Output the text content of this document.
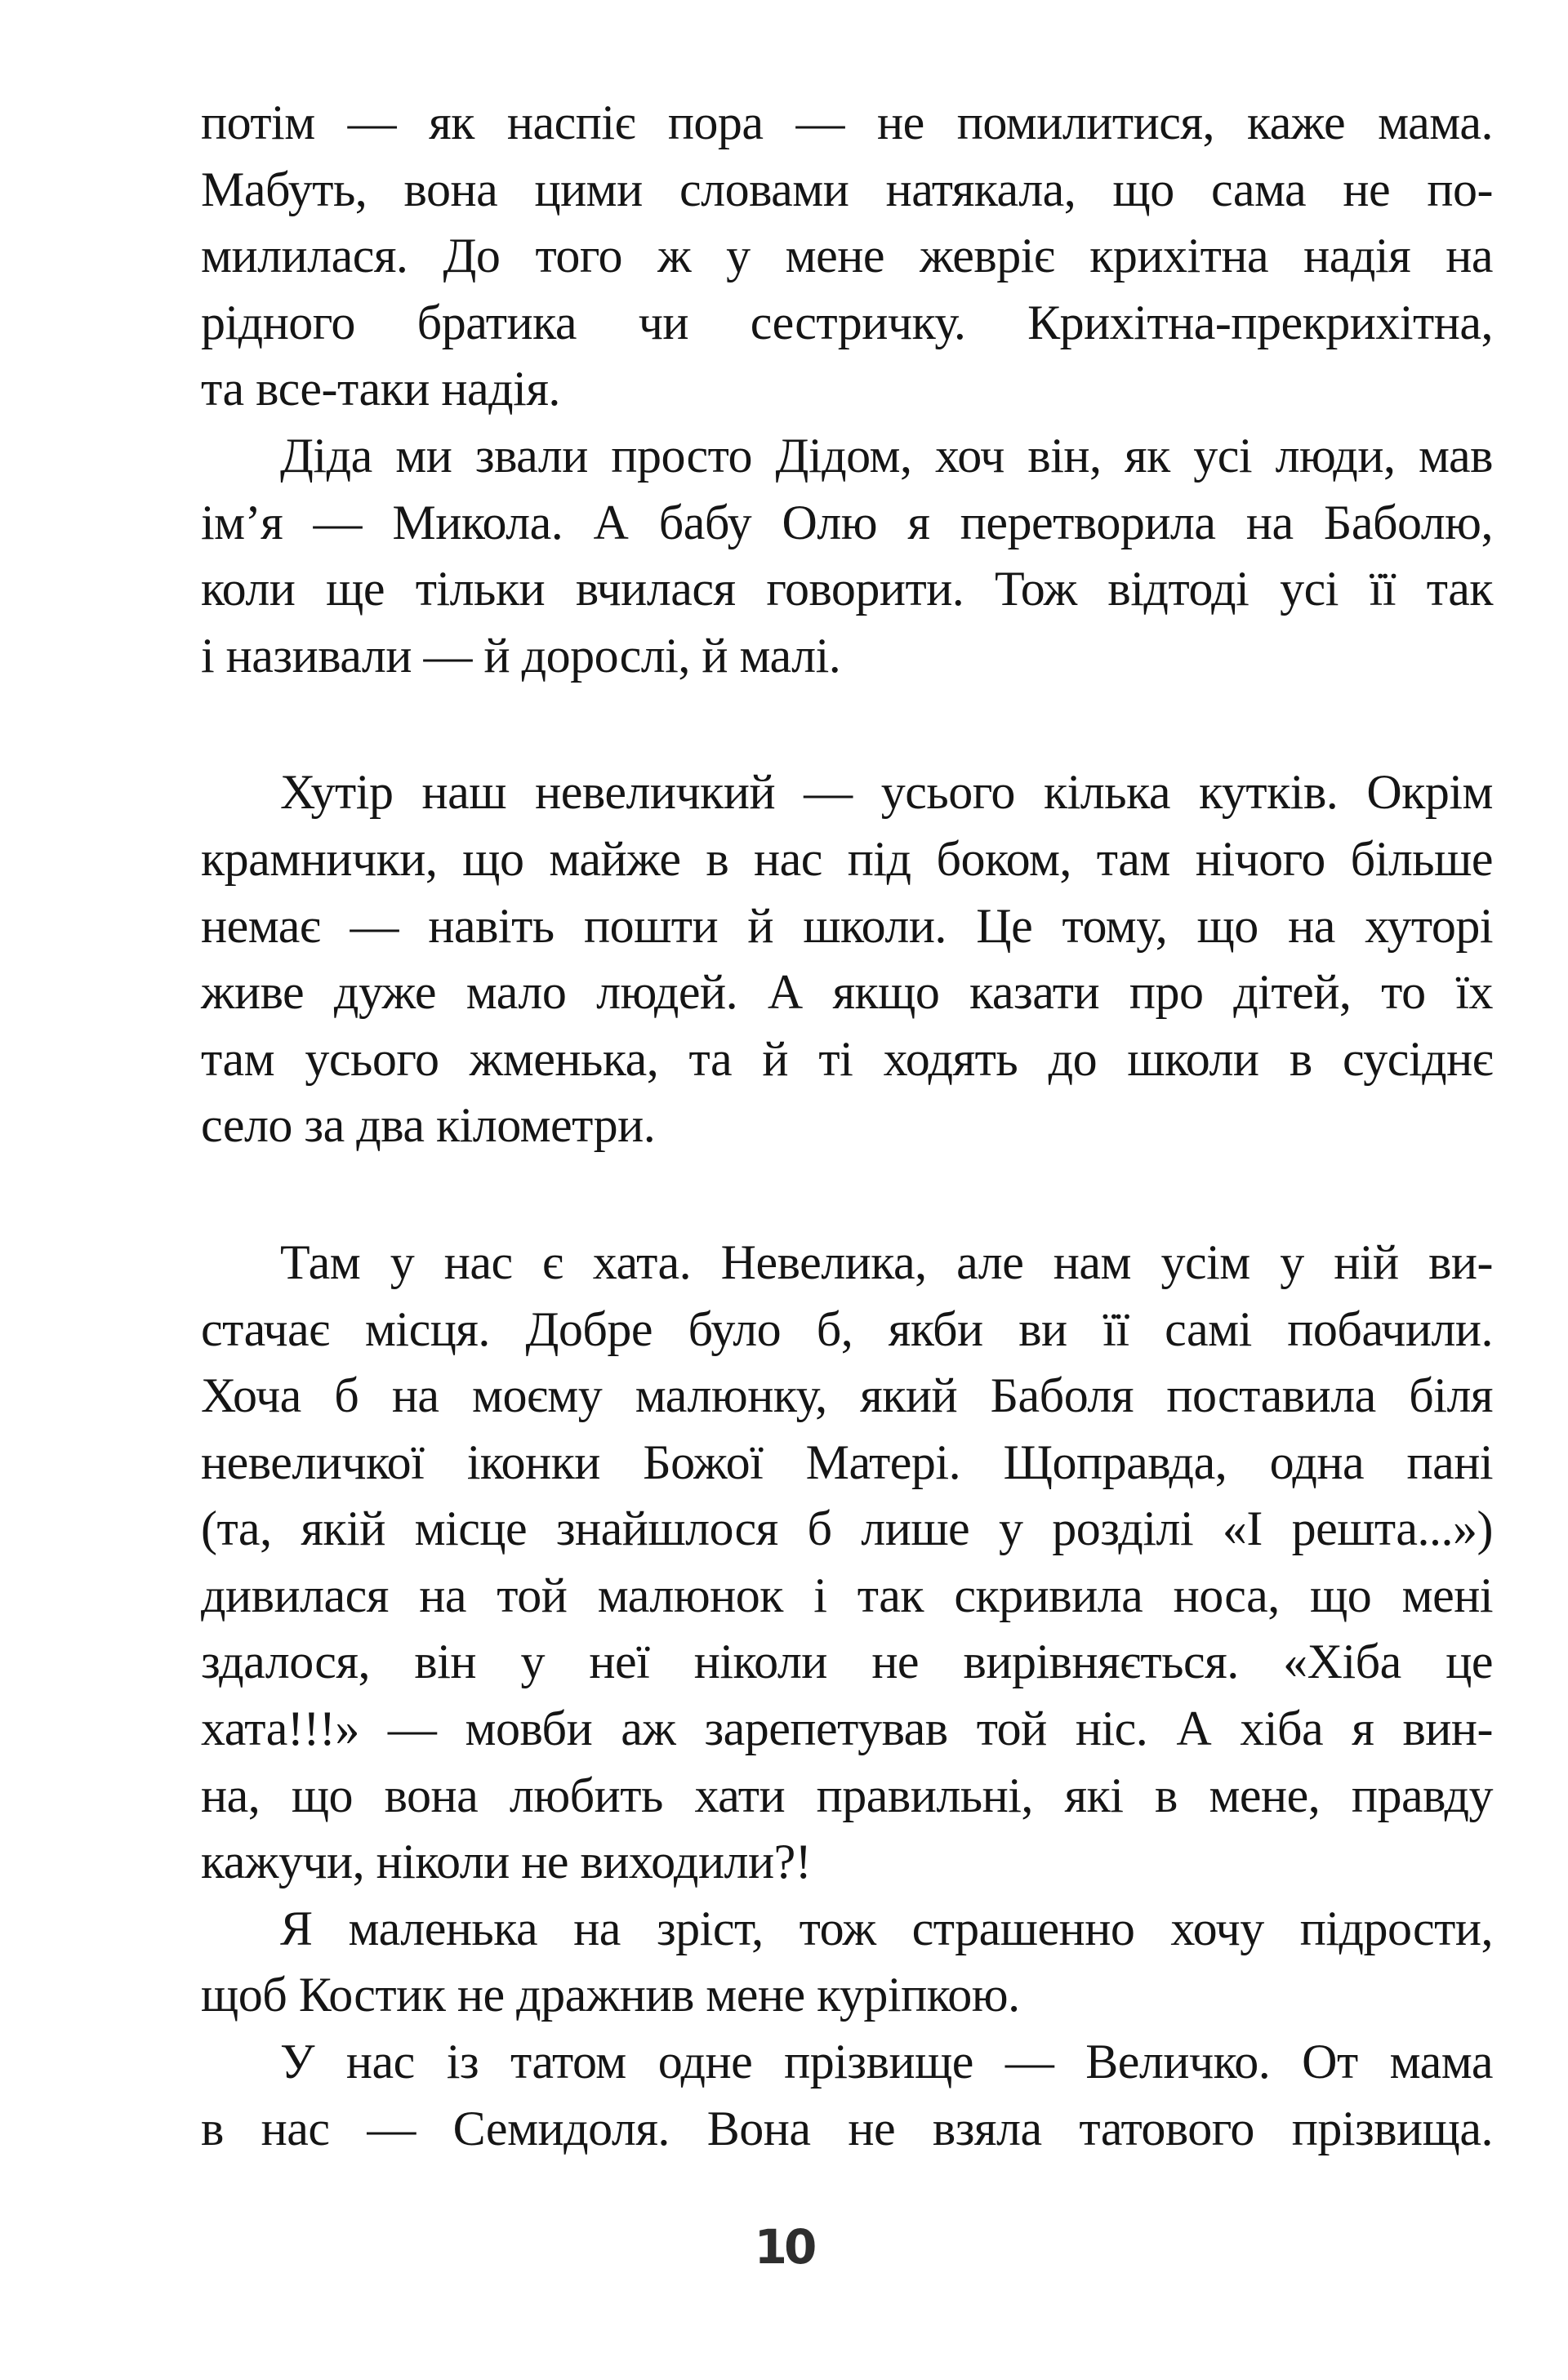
потім — як наспіє пора — не помилитися, каже мама.
Мабуть, вона цими словами натякала, що сама не по-
милилася. До того ж у мене жевріє крихітна надія на
рідного братика чи сестричку. Крихітна-прекрихітна,
та все-таки надія.
Діда ми звали просто Дідом, хоч він, як усі люди, мав
ім’я — Микола. А бабу Олю я перетворила на Баболю,
коли ще тільки вчилася говорити. Тож відтоді усі її так
і називали — й дорослі, й малі.
Хутір наш невеличкий — усього кілька кутків. Окрім
крамнички, що майже в нас під боком, там нічого більше
немає — навіть пошти й школи. Це тому, що на хуторі
живе дуже мало людей. А якщо казати про дітей, то їх
там усього жменька, та й ті ходять до школи в сусіднє
село за два кілометри.
Там у нас є хата. Невелика, але нам усім у ній ви-
стачає місця. Добре було б, якби ви її самі побачили.
Хоча б на моєму малюнку, який Баболя поставила біля
невеличкої іконки Божої Матері. Щоправда, одна пані
(та, якій місце знайшлося б лише у розділі «І решта...»)
дивилася на той малюнок і так скривила носа, що мені
здалося, він у неї ніколи не вирівняється. «Хіба це
хата!!!» — мовби аж зарепетував той ніс. А хіба я вин-
на, що вона любить хати правильні, які в мене, правду
кажучи, ніколи не виходили?!
Я маленька на зріст, тож страшенно хочу підрости,
щоб Костик не дражнив мене куріпкою.
У нас із татом одне прізвище — Величко. От мама
в нас — Семидоля. Вона не взяла татового прізвища.
10
